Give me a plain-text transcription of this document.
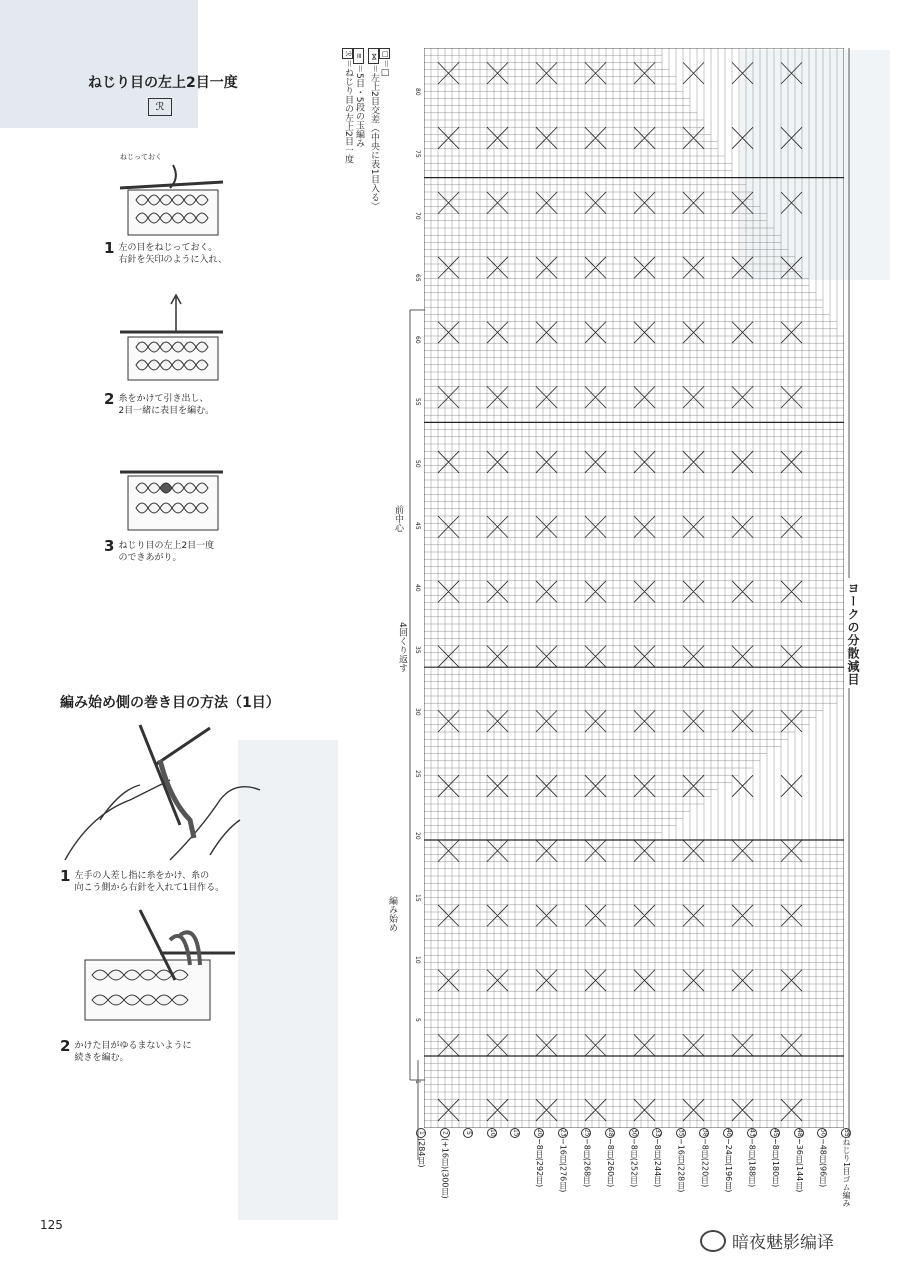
ねじり目の左上2目一度
ℛ
ねじっておく
1 左の目をねじっておく。
右針を矢印のように入れ、
2 糸をかけて引き出し、
2目一緒に表目を編む。
3 ねじり目の左上2目一度
のできあがり。
編み始め側の巻き目の方法（1目）
1 左手の人差し指に糸をかけ、糸の
向こう側から右針を入れて1目作る。
2 かけた目がゆるまないように
続きを編む。
□
＝□
⋈
＝左上2目交差（中央に表1目入る）
≡
＝5目・5段の玉編み
ℛ
＝ねじり目の左上2目一度
前中心
4回くり返す
編み始め
80
75
70
65
60
55
50
45
40
35
30
25
20
15
10
5
1
ヨークの分散減目
1(284目)
2(+16目)(300目)
5	10	15	20−8目(292目)
23−16目(276目)
25−8目(268目)
28−8目(260目)
30−8目(252目)
33−8目(244目)
35−16目(228目)
38−8目(220目)
40−24目(196目)
43−8目(188目)
45−8目(180目)
48−36目(144目)
50−48目(96目)
55ねじり1目ゴム編み
125
暗夜魅影编译
